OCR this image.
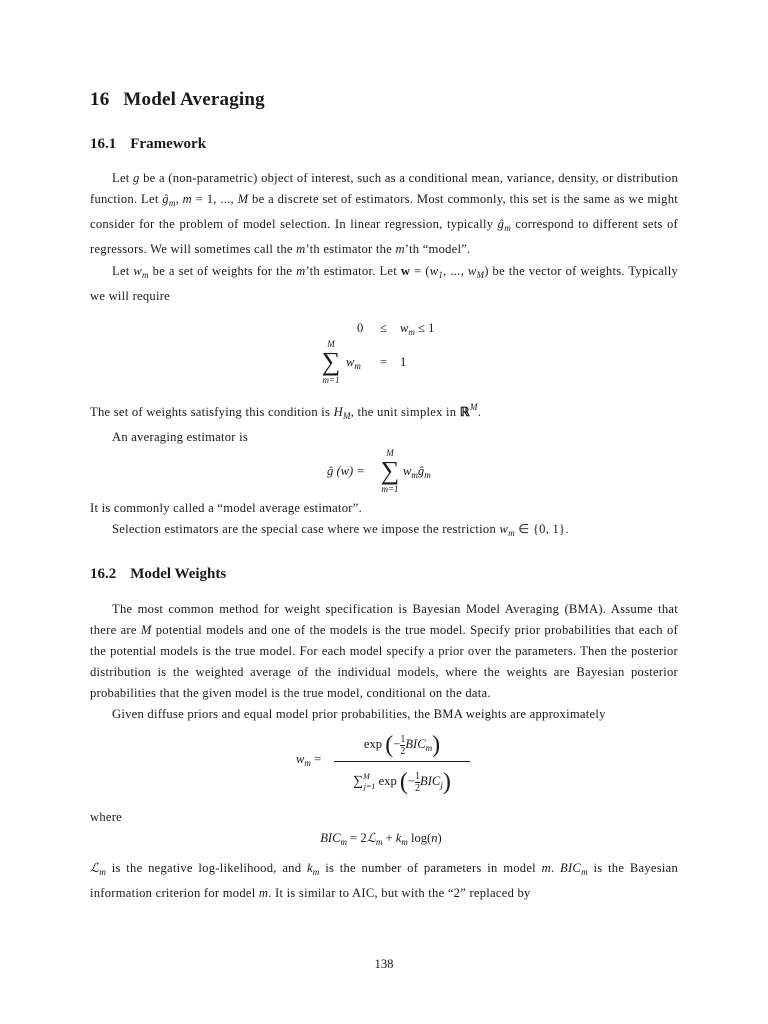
16 Model Averaging
16.1 Framework

Let g be a (non-parametric) object of interest, such as a conditional mean, variance, density, or distribution function. Let $ĝ_m$, m = 1, ..., M be a discrete set of estimators. Most commonly, this set is the same as we might consider for the problem of model selection. In linear regression, typically $ĝ_m$ correspond to different sets of regressors. We will sometimes call the m’th estimator the m’th “model”.

Let $w_m$ be a set of weights for the m’th estimator. Let $w = (w_1$, ..., $w_M$) be the vector of weights. Typically we will require

$0 \le w_m \le 1$
M
∑
m=1
$w_m = 1$

The set of weights satisfying this condition is $H_M$, the unit simplex in ℝ$^M$.

An averaging estimator is

ĝ (w) =
M
∑
m=1
$w_mĝ_m$

It is commonly called a “model average estimator”.

Selection estimators are the special case where we impose the restriction $w_m$ ∈ {0, 1}.

16.2 Model Weights

The most common method for weight specification is Bayesian Model Averaging (BMA). Assume that there are M potential models and one of the models is the true model. Specify prior probabilities that each of the potential models is the true model. For each model specify a prior over the parameters. Then the posterior distribution is the weighted average of the individual models, where the weights are Bayesian posterior probabilities that the given model is the true model, conditional on the data.

Given diffuse priors and equal model prior probabilities, the BMA weights are approximately

$w_m$ =
exp (− $\frac{1}{2}BIC_m$)
∑$^M_{j=1}$ exp (− $\frac{1}{2}BIC_j$)

where

$BIC_m$ = 2ℒ$_m$ + $k_m$ log(n)

ℒ$_m$ is the negative log-likelihood, and $k_m$ is the number of parameters in model m. $BIC_m$ is the Bayesian information criterion for model m. It is similar to AIC, but with the “2” replaced by

138
